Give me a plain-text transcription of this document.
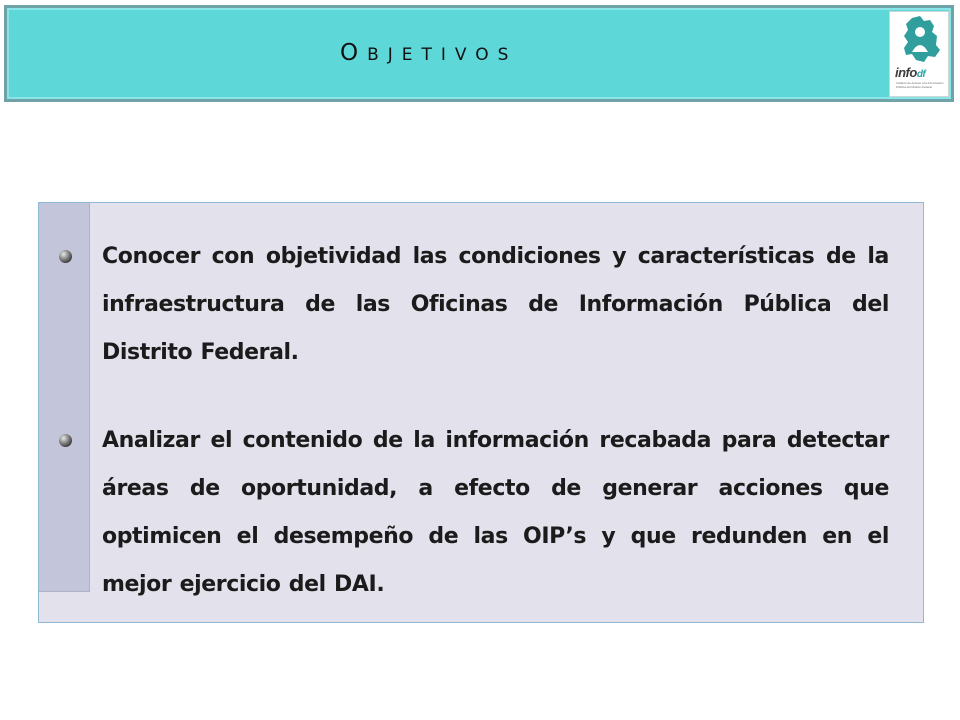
OBJETIVOS
infodf
Instituto de Acceso a la Información Pública del Distrito Federal
Conocer con objetividad las condiciones y características de la infraestructura de las Oficinas de Información Pública del Distrito Federal.
Analizar el contenido de la información recabada para detectar áreas de oportunidad, a efecto de generar acciones que optimicen el desempeño de las OIP’s y que redunden en el mejor ejercicio del DAI.
